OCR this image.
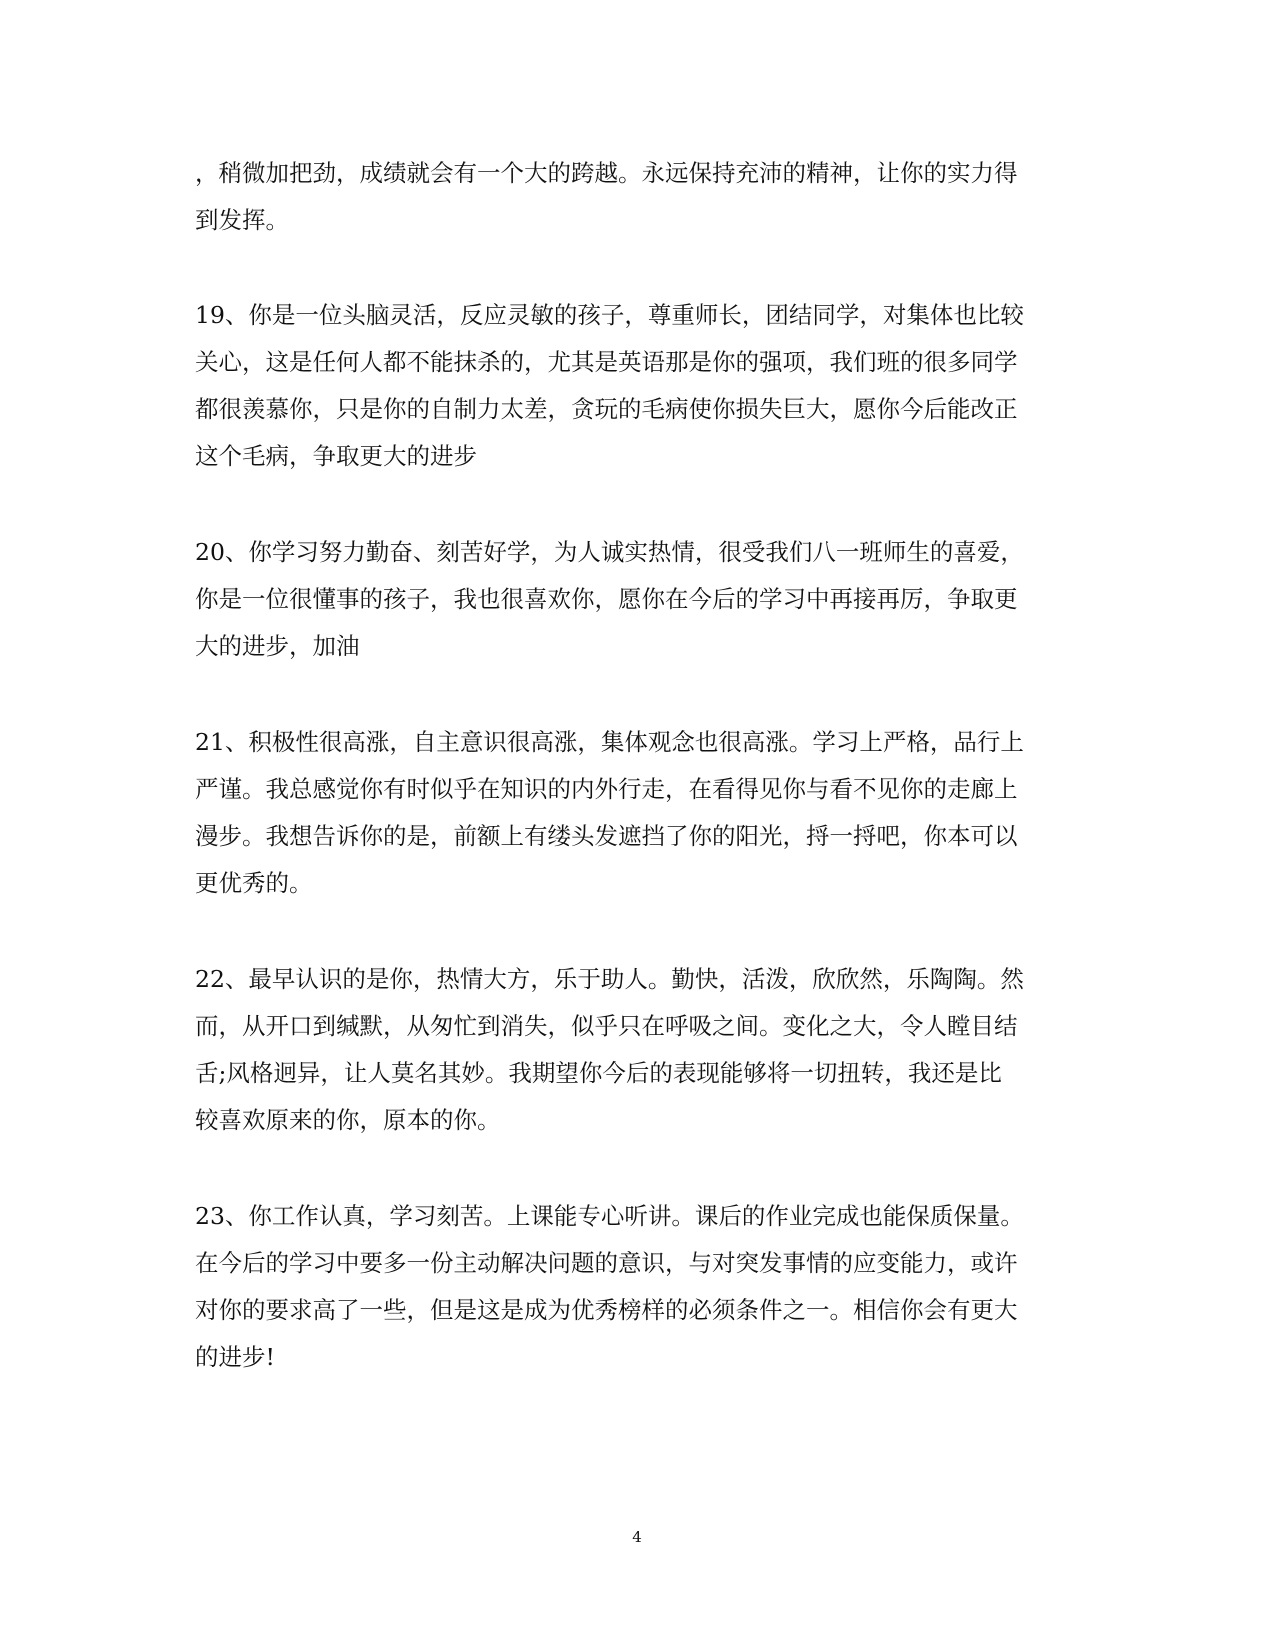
，稍微加把劲，成绩就会有一个大的跨越。永远保持充沛的精神，让你的实力得
到发挥。
19、你是一位头脑灵活，反应灵敏的孩子，尊重师长，团结同学，对集体也比较
关心，这是任何人都不能抹杀的，尤其是英语那是你的强项，我们班的很多同学
都很羡慕你，只是你的自制力太差，贪玩的毛病使你损失巨大，愿你今后能改正
这个毛病，争取更大的进步
20、你学习努力勤奋、刻苦好学，为人诚实热情，很受我们八一班师生的喜爱，
你是一位很懂事的孩子，我也很喜欢你，愿你在今后的学习中再接再厉，争取更
大的进步，加油
21、积极性很高涨，自主意识很高涨，集体观念也很高涨。学习上严格，品行上
严谨。我总感觉你有时似乎在知识的内外行走，在看得见你与看不见你的走廊上
漫步。我想告诉你的是，前额上有缕头发遮挡了你的阳光，捋一捋吧，你本可以
更优秀的。
22、最早认识的是你，热情大方，乐于助人。勤快，活泼，欣欣然，乐陶陶。然
而，从开口到缄默，从匆忙到消失，似乎只在呼吸之间。变化之大，令人瞠目结
舌;风格迥异，让人莫名其妙。我期望你今后的表现能够将一切扭转，我还是比
较喜欢原来的你，原本的你。
23、你工作认真，学习刻苦。上课能专心听讲。课后的作业完成也能保质保量。
在今后的学习中要多一份主动解决问题的意识，与对突发事情的应变能力，或许
对你的要求高了一些，但是这是成为优秀榜样的必须条件之一。相信你会有更大
的进步!
4
